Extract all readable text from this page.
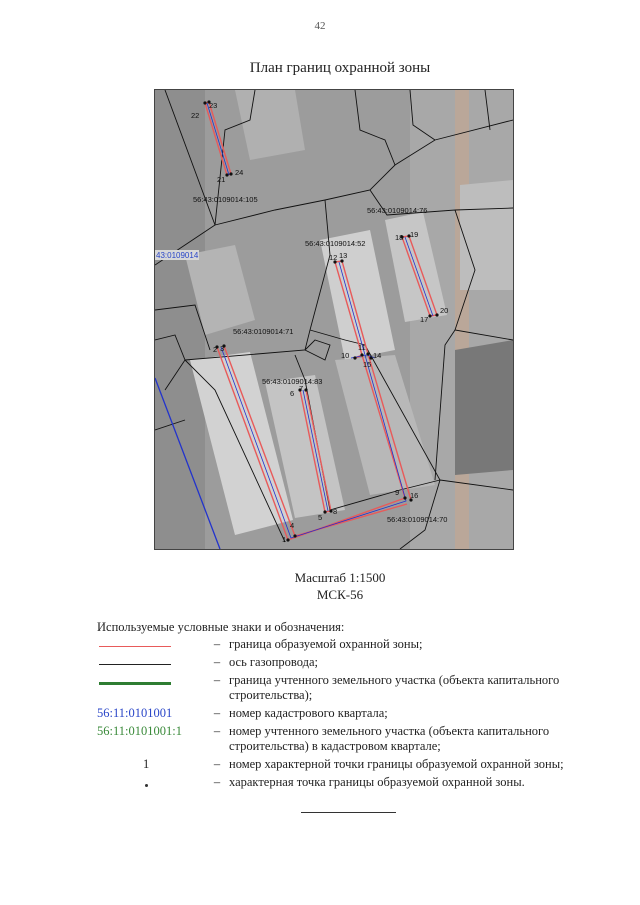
42
План границ охранной зоны
1
2 3
4
5
6
7
8
9
10
11
12 13
14
15
16
17
18 19
20
21
22
23
24
56:43:0109014:105
56:43:0109014:76
56:43:0109014:52
56:43:0109014:71
56:43:0109014:83
56:43:0109014:70
43:0109014
Масштаб 1:1500
МСК-56
Используемые условные знаки и обозначения:
– граница образуемой охранной зоны;
– ось газопровода;
– граница учтенного земельного участка (объекта капитального строительства);
56:11:0101001	– номер кадастрового квартала;
56:11:0101001:1	– номер учтенного земельного участка (объекта капитального строительства) в кадастровом квартале;
1	– номер характерной точки границы образуемой охранной зоны;
– характерная точка границы образуемой охранной зоны.
